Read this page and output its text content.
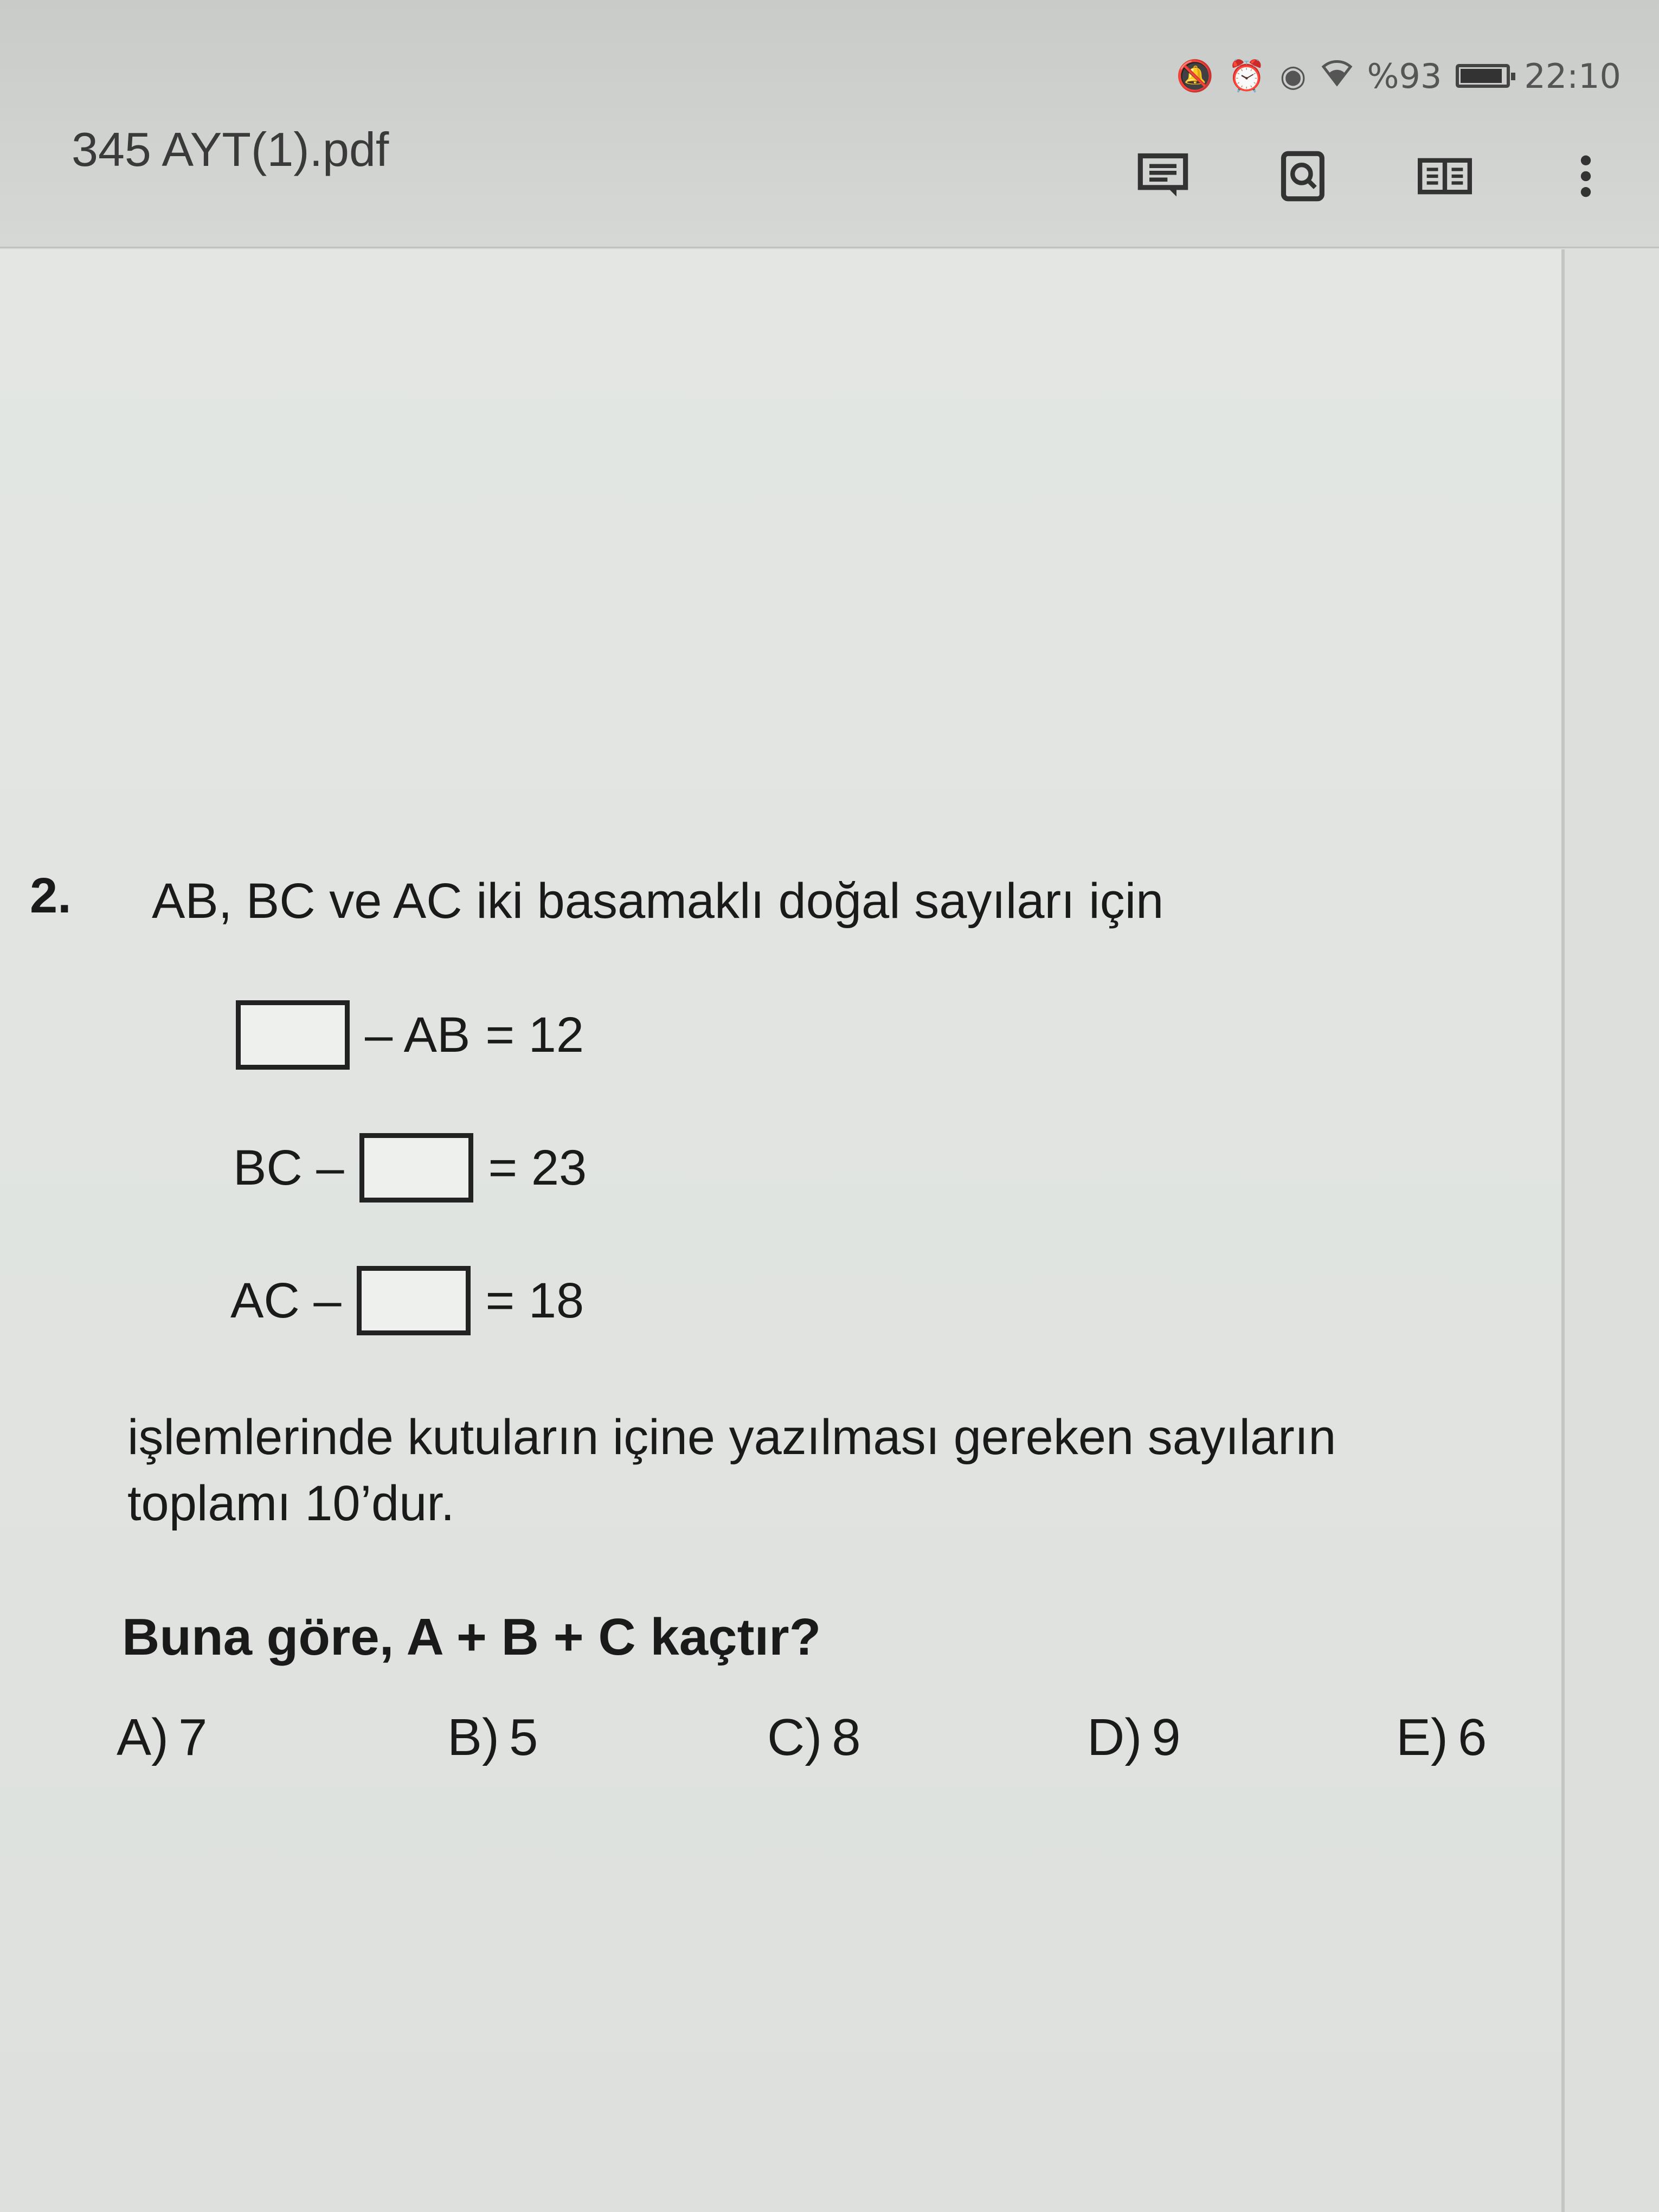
🔕 ⏰ ◉ %93 22:10
345 AYT(1).pdf
2. AB, BC ve AC iki basamaklı doğal sayıları için
– AB = 12
BC –	= 23
AC –	= 18
işlemlerinde kutuların içine yazılması gereken sayıların toplamı 10’dur.
Buna göre, A + B + C kaçtır?
A) 7	B) 5	C) 8	D) 9	E) 6
